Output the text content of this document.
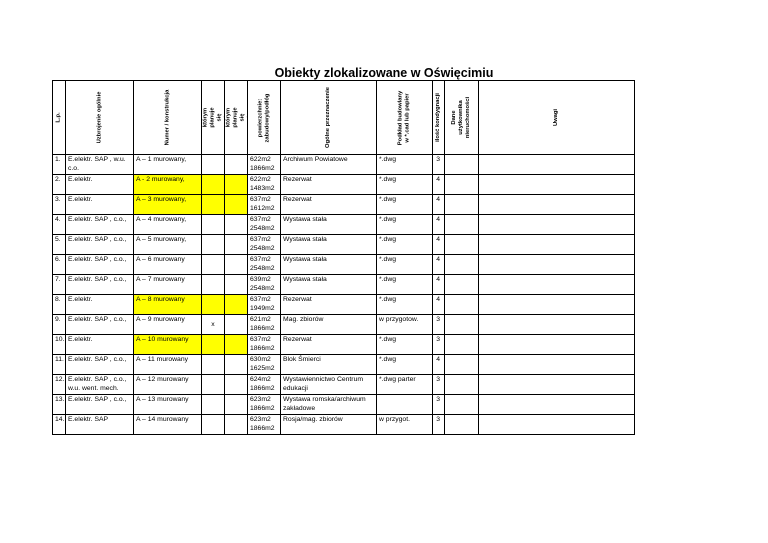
Obiekty zlokalizowane w Oświęcimiu
L.p.	Uzbrojenie ogólnie	Numer / konstrukcja	którym planuje się	którym planuje się	powierzchnie: zabudowy/podłóg	Ogólne przeznaczenie	Podkład budowlany w *.cad lub papier	ilość kondygnacji	Dane użytkownika nieruchomości	Uwagi

1.	E.elektr. SAP , w.u. c.o.	A – 1 murowany,			622m2 1866m2	Archiwum Powiatowe	*.dwg	3		
2.	E.elektr.	A - 2 murowany,			622m2 1483m2	Rezerwat	*.dwg	4		
3.	E.elektr.	A – 3 murowany,			637m2 1612m2	Rezerwat	*.dwg	4		
4.	E.elektr. SAP , c.o.,	A – 4 murowany,			637m2 2548m2	Wystawa stała	*.dwg	4		
5.	E.elektr. SAP , c.o.,	A – 5 murowany,			637m2 2548m2	Wystawa stała	*.dwg	4		
6.	E.elektr. SAP , c.o.,	A – 6 murowany			637m2 2548m2	Wystawa stała	*.dwg	4		
7.	E.elektr. SAP , c.o.,	A – 7 murowany			639m2 2548m2	Wystawa stała	*.dwg	4		
8.	E.elektr.	A – 8 murowany			637m2 1949m2	Rezerwat	*.dwg	4		
9.	E.elektr. SAP , c.o.,	A – 9 murowany	x		621m2 1866m2	Mag. zbiorów	w przygotow.	3		
10.	E.elektr.	A – 10 murowany			637m2 1866m2	Rezerwat	*.dwg	3		
11.	E.elektr. SAP , c.o.,	A – 11 murowany			630m2 1625m2	Blok Śmierci	*.dwg	4		
12.	E.elektr. SAP , c.o., w.u. went. mech.	A – 12 murowany			624m2 1866m2	Wystawiennictwo Centrum edukacji	*.dwg parter	3		
13.	E.elektr. SAP , c.o.,	A – 13 murowany			623m2 1866m2	Wystawa romska/archiwum zakładowe		3		
14.	E.elektr. SAP	A – 14 murowany			623m2 1866m2	Rosja/mag. zbiorów	w przygot.	3		
